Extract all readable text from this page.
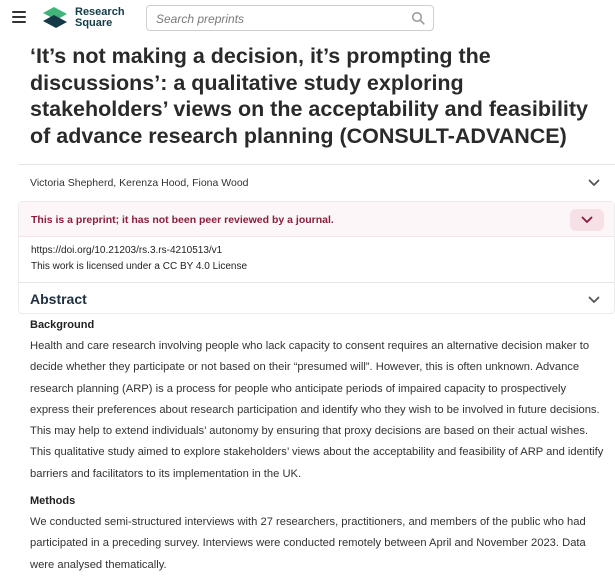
Research
Square
Search preprints
‘It’s not making a decision, it’s prompting the discussions’: a qualitative study exploring stakeholders’ views on the acceptability and feasibility of advance research planning (CONSULT-ADVANCE)
Victoria Shepherd, Kerenza Hood, Fiona Wood
This is a preprint; it has not been peer reviewed by a journal.
https://doi.org/10.21203/rs.3.rs-4210513/v1
This work is licensed under a CC BY 4.0 License
Abstract
Background
Health and care research involving people who lack capacity to consent requires an alternative decision maker to decide whether they participate or not based on their “presumed will”. However, this is often unknown. Advance research planning (ARP) is a process for people who anticipate periods of impaired capacity to prospectively express their preferences about research participation and identify who they wish to be involved in future decisions. This may help to extend individuals’ autonomy by ensuring that proxy decisions are based on their actual wishes. This qualitative study aimed to explore stakeholders’ views about the acceptability and feasibility of ARP and identify barriers and facilitators to its implementation in the UK.
Methods
We conducted semi-structured interviews with 27 researchers, practitioners, and members of the public who had participated in a preceding survey. Interviews were conducted remotely between April and November 2023. Data were analysed thematically.
